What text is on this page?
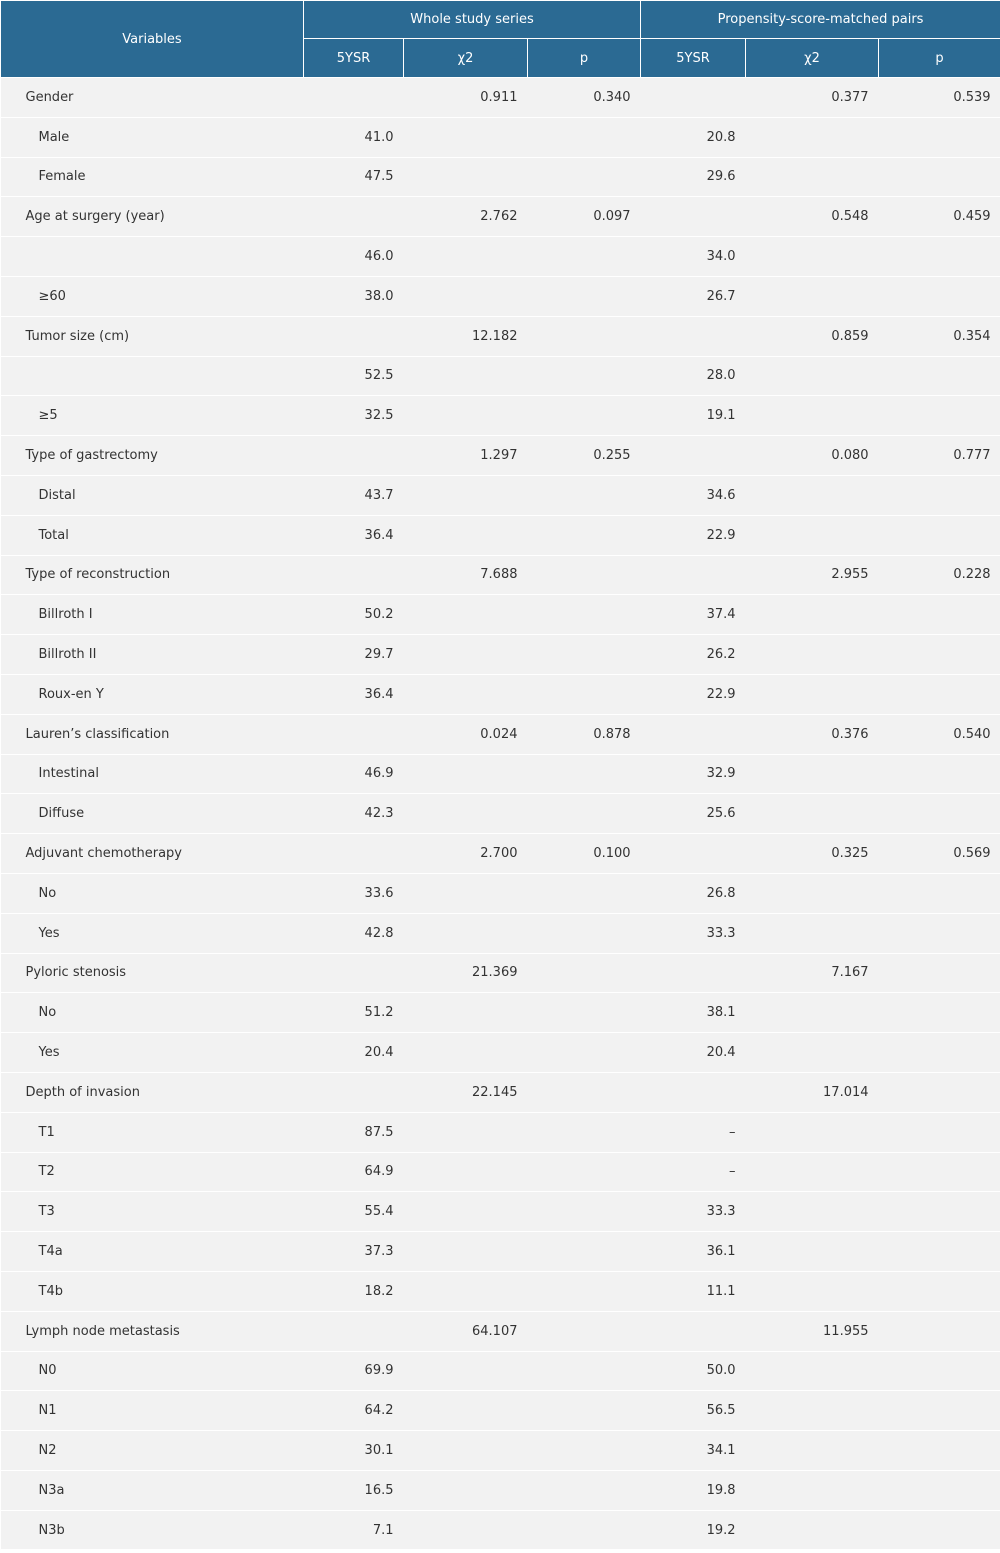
Variables	Whole study series			Propensity-score-matched pairs		
	5YSR	χ2	p	5YSR	χ2	p
Gender		0.911	0.340		0.377	0.539
Male	41.0			20.8		
Female	47.5			29.6		
Age at surgery (year)		2.762	0.097		0.548	0.459
	46.0			34.0		
≥60	38.0			26.7		
Tumor size (cm)		12.182			0.859	0.354
	52.5			28.0		
≥5	32.5			19.1		
Type of gastrectomy		1.297	0.255		0.080	0.777
Distal	43.7			34.6		
Total	36.4			22.9		
Type of reconstruction		7.688			2.955	0.228
Billroth I	50.2			37.4		
Billroth II	29.7			26.2		
Roux-en Y	36.4			22.9		
Lauren’s classification		0.024	0.878		0.376	0.540
Intestinal	46.9			32.9		
Diffuse	42.3			25.6		
Adjuvant chemotherapy		2.700	0.100		0.325	0.569
No	33.6			26.8		
Yes	42.8			33.3		
Pyloric stenosis		21.369			7.167	
No	51.2			38.1		
Yes	20.4			20.4		
Depth of invasion		22.145			17.014	
T1	87.5			–		
T2	64.9			–		
T3	55.4			33.3		
T4a	37.3			36.1		
T4b	18.2			11.1		
Lymph node metastasis		64.107			11.955	
N0	69.9			50.0		
N1	64.2			56.5		
N2	30.1			34.1		
N3a	16.5			19.8		
N3b	7.1			19.2		
